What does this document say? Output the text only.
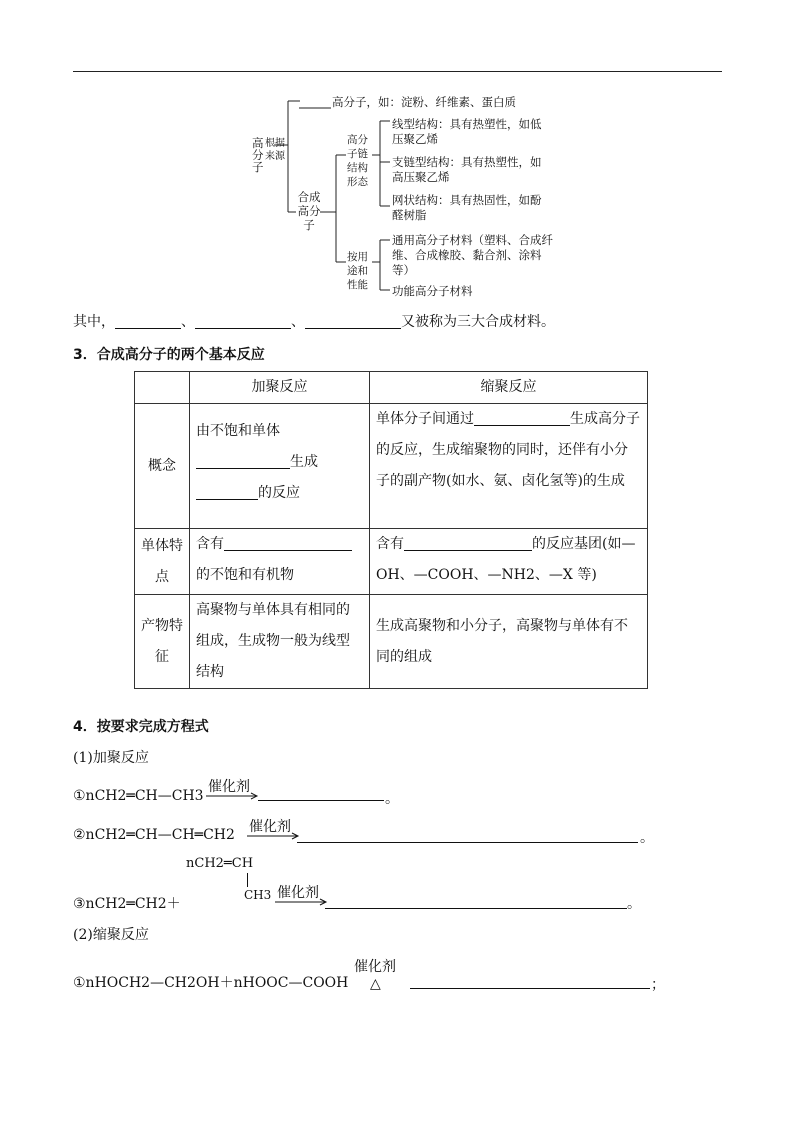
高分子
根据来源
高分子，如：淀粉、纤维素、蛋白质
合成高分子
高分子链结构形态
线型结构：具有热塑性，如低压聚乙烯
支链型结构：具有热塑性，如高压聚乙烯
网状结构：具有热固性，如酚醛树脂
按用途和性能
通用高分子材料（塑料、合成纤维、合成橡胶、黏合剂、涂料等）
功能高分子材料
其中，	、	、	又被称为三大合成材料。
3．合成高分子的两个基本反应
	加聚反应	缩聚反应
概念	由不饱和单体
生成
的反应	单体分子间通过 生成高分子的反应，生成缩聚物的同时，还伴有小分子的副产物(如水、氨、卤化氢等)的生成
单体特点	含有
的不饱和有机物	含有 的反应基团(如—OH、—COOH、—NH2、—X 等)
产物特征	高聚物与单体具有相同的组成，生成物一般为线型结构	生成高聚物和小分子，高聚物与单体有不同的组成
4．按要求完成方程式
(1)加聚反应
①nCH2═CH—CH3
催化剂
。
②nCH2═CH—CH═CH2 催化剂
。
nCH2═CH
CH3
③nCH2═CH2＋
催化剂
。
(2)缩聚反应
催化剂
①nHOCH2—CH2OH＋nHOOC—COOH △	；
